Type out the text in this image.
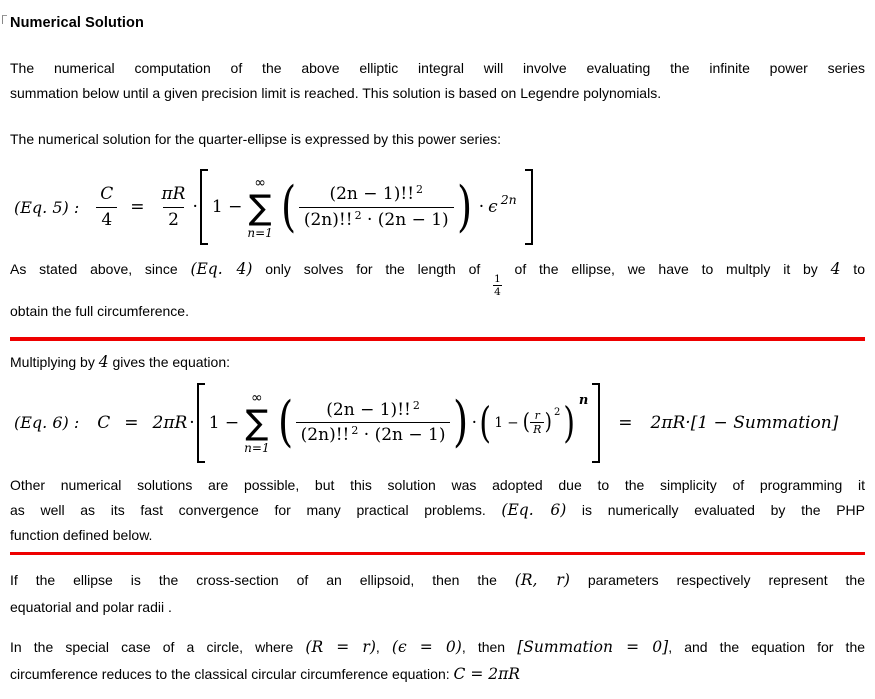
Numerical Solution
The numerical computation of the above elliptic integral will involve evaluating the infinite power series
summation below until a given precision limit is reached. This solution is based on Legendre polynomials.
The numerical solution for the quarter-ellipse is expressed by this power series:
(Eq. 5) : $\frac{C}{4} = \frac{\pi R}{2} \cdot 1$ −
∞
∑
n=1 ( $\frac{(2n - 1)!! ^2}{(2n)!! ^2 \cdot (2n - 1)}$ ) · ϵ 2n
As stated above, since (Eq. 4) only solves for the length of
$\frac{1}{4}$
of the ellipse, we have to multply it by 4 to
obtain the full circumference.
Multiplying by 4 gives the equation:
(Eq. 6) : C = 2πR · 1 −
∞
∑
n=1 ( $\frac{(2n - 1)!! ^2}{(2n)!! ^2 \cdot (2n - 1)}$ ) · ( 1 − ( $\frac{r}{R}$ ) 2 ) n
= 2πR·[1 − Summation]
Other numerical solutions are possible, but this solution was adopted due to the simplicity of programming it
as well as its fast convergence for many practical problems. (Eq. 6) is numerically evaluated by the PHP
function defined below.
If the ellipse is the cross-section of an ellipsoid, then the (R, r) parameters respectively represent the
equatorial and polar radii .
In the special case of a circle, where (R = r), (ϵ = 0), then [Summation = 0], and the equation for the
circumference reduces to the classical circular circumference equation: C = 2πR
